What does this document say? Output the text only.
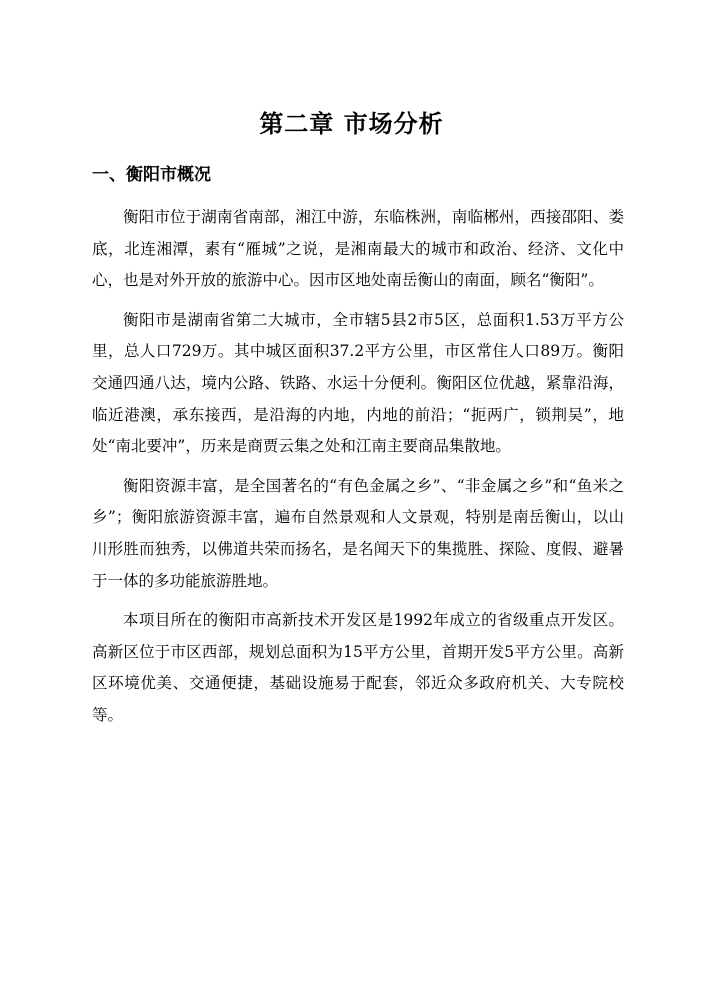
第二章 市场分析
一、衡阳市概况

衡阳市位于湖南省南部，湘江中游，东临株洲，南临郴州，西接邵阳、娄底，北连湘潭，素有“雁城”之说，是湘南最大的城市和政治、经济、文化中心，也是对外开放的旅游中心。因市区地处南岳衡山的南面，顾名“衡阳”。

衡阳市是湖南省第二大城市，全市辖5县2市5区，总面积1.53万平方公里，总人口729万。其中城区面积37.2平方公里，市区常住人口89万。衡阳交通四通八达，境内公路、铁路、水运十分便利。衡阳区位优越，紧靠沿海，临近港澳，承东接西，是沿海的内地，内地的前沿；“扼两广，锁荆吴”，地处“南北要冲”，历来是商贾云集之处和江南主要商品集散地。

衡阳资源丰富，是全国著名的“有色金属之乡”、“非金属之乡”和“鱼米之乡”；衡阳旅游资源丰富，遍布自然景观和人文景观，特别是南岳衡山，以山川形胜而独秀，以佛道共荣而扬名，是名闻天下的集揽胜、探险、度假、避暑于一体的多功能旅游胜地。

本项目所在的衡阳市高新技术开发区是1992年成立的省级重点开发区。高新区位于市区西部，规划总面积为15平方公里，首期开发5平方公里。高新区环境优美、交通便捷，基础设施易于配套，邻近众多政府机关、大专院校等。
